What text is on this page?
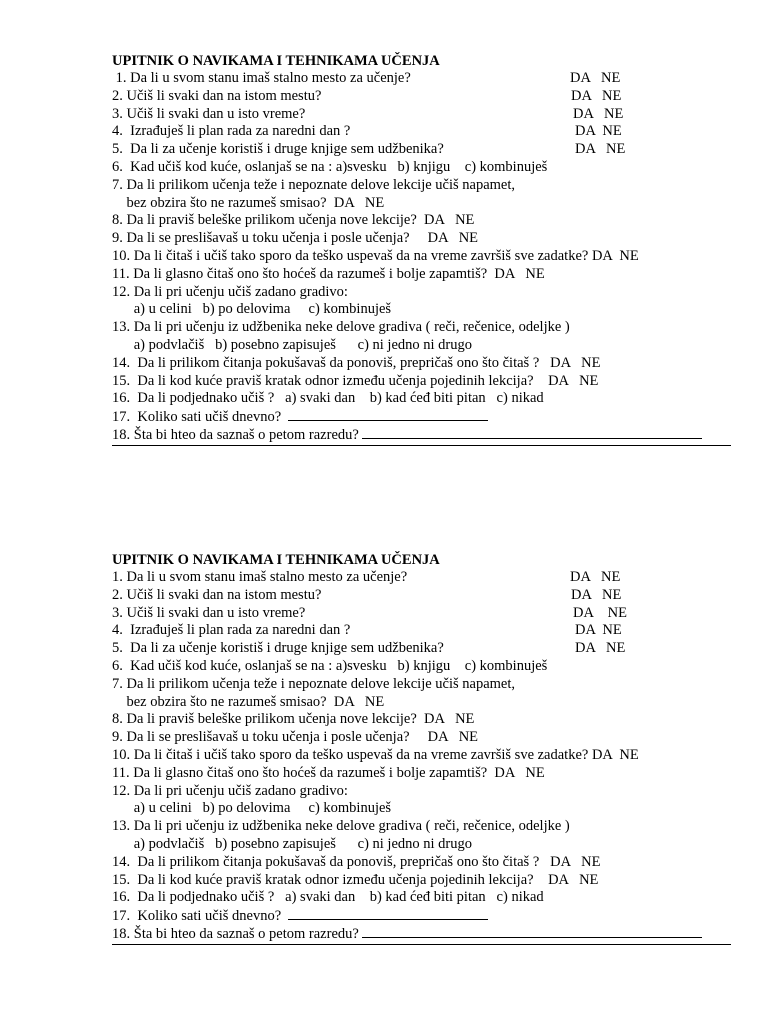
UPITNIK O NAVIKAMA I TEHNIKAMA UČENJA
1. Da li u svom stanu imaš stalno mesto za učenje?	DA   NE
2. Učiš li svaki dan na istom mestu?	DA   NE
3. Učiš li svaki dan u isto vreme?	DA   NE
4.  Izrađuješ li plan rada za naredni dan ?	DA  NE
5.  Da li za učenje koristiš i druge knjige sem udžbenika?	DA   NE
6.  Kad učiš kod kuće, oslanjaš se na : a)svesku   b) knjigu    c) kombinuješ
7. Da li prilikom učenja teže i nepoznate delove lekcije učiš napamet,
bez obzira što ne razumeš smisao?  DA   NE
8. Da li praviš beleške prilikom učenja nove lekcije?  DA   NE
9. Da li se preslišavaš u toku učenja i posle učenja?     DA   NE
10. Da li čitaš i učiš tako sporo da teško uspevaš da na vreme završiš sve zadatke? DA  NE
11. Da li glasno čitaš ono što hoćeš da razumeš i bolje zapamtiš?  DA   NE
12. Da li pri učenju učiš zadano gradivo:
a) u celini   b) po delovima     c) kombinuješ
13. Da li pri učenju iz udžbenika neke delove gradiva ( reči, rečenice, odeljke )
a) podvlačiš   b) posebno zapisuješ      c) ni jedno ni drugo
14.  Da li prilikom čitanja pokušavaš da ponoviš, prepričaš ono što čitaš ?   DA   NE
15.  Da li kod kuće praviš kratak odnor između učenja pojedinih lekcija?    DA   NE
16.  Da li podjednako učiš ?   a) svaki dan    b) kad ćeđ biti pitan   c) nikad
17.  Koliko sati učiš dnevno?
18. Šta bi hteo da saznaš o petom razredu?
UPITNIK O NAVIKAMA I TEHNIKAMA UČENJA
1. Da li u svom stanu imaš stalno mesto za učenje?	DA   NE
2. Učiš li svaki dan na istom mestu?	DA   NE
3. Učiš li svaki dan u isto vreme?	DA    NE
4.  Izrađuješ li plan rada za naredni dan ?	DA  NE
5.  Da li za učenje koristiš i druge knjige sem udžbenika?	DA   NE
6.  Kad učiš kod kuće, oslanjaš se na : a)svesku   b) knjigu    c) kombinuješ
7. Da li prilikom učenja teže i nepoznate delove lekcije učiš napamet,
bez obzira što ne razumeš smisao?  DA   NE
8. Da li praviš beleške prilikom učenja nove lekcije?  DA   NE
9. Da li se preslišavaš u toku učenja i posle učenja?     DA   NE
10. Da li čitaš i učiš tako sporo da teško uspevaš da na vreme završiš sve zadatke? DA  NE
11. Da li glasno čitaš ono što hoćeš da razumeš i bolje zapamtiš?  DA   NE
12. Da li pri učenju učiš zadano gradivo:
a) u celini   b) po delovima     c) kombinuješ
13. Da li pri učenju iz udžbenika neke delove gradiva ( reči, rečenice, odeljke )
a) podvlačiš   b) posebno zapisuješ      c) ni jedno ni drugo
14.  Da li prilikom čitanja pokušavaš da ponoviš, prepričaš ono što čitaš ?   DA   NE
15.  Da li kod kuće praviš kratak odnor između učenja pojedinih lekcija?    DA   NE
16.  Da li podjednako učiš ?   a) svaki dan    b) kad ćeđ biti pitan   c) nikad
17.  Koliko sati učiš dnevno?
18. Šta bi hteo da saznaš o petom razredu?
